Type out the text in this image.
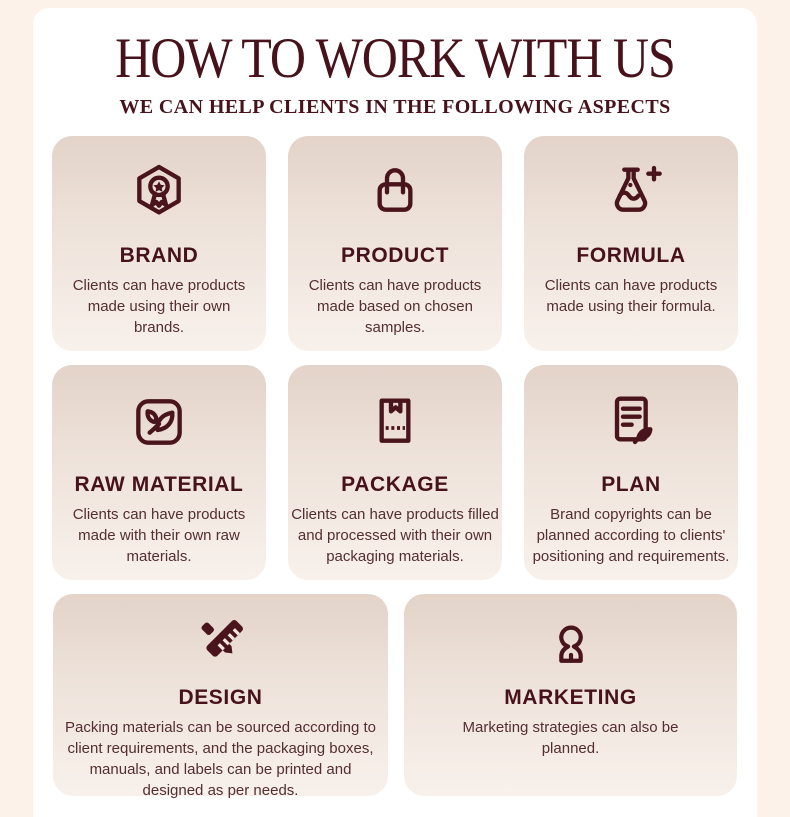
HOW TO WORK WITH US
WE CAN HELP CLIENTS IN THE FOLLOWING ASPECTS
BRAND

Clients can have products made using their own brands.

PRODUCT

Clients can have products made based on chosen samples.

FORMULA

Clients can have products made using their formula.

RAW MATERIAL

Clients can have products made with their own raw materials.

PACKAGE

Clients can have products filled and processed with their own packaging materials.

PLAN

Brand copyrights can be planned according to clients' positioning and requirements.

DESIGN

Packing materials can be sourced according to client requirements, and the packaging boxes, manuals, and labels can be printed and designed as per needs.

MARKETING

Marketing strategies can also be planned.
